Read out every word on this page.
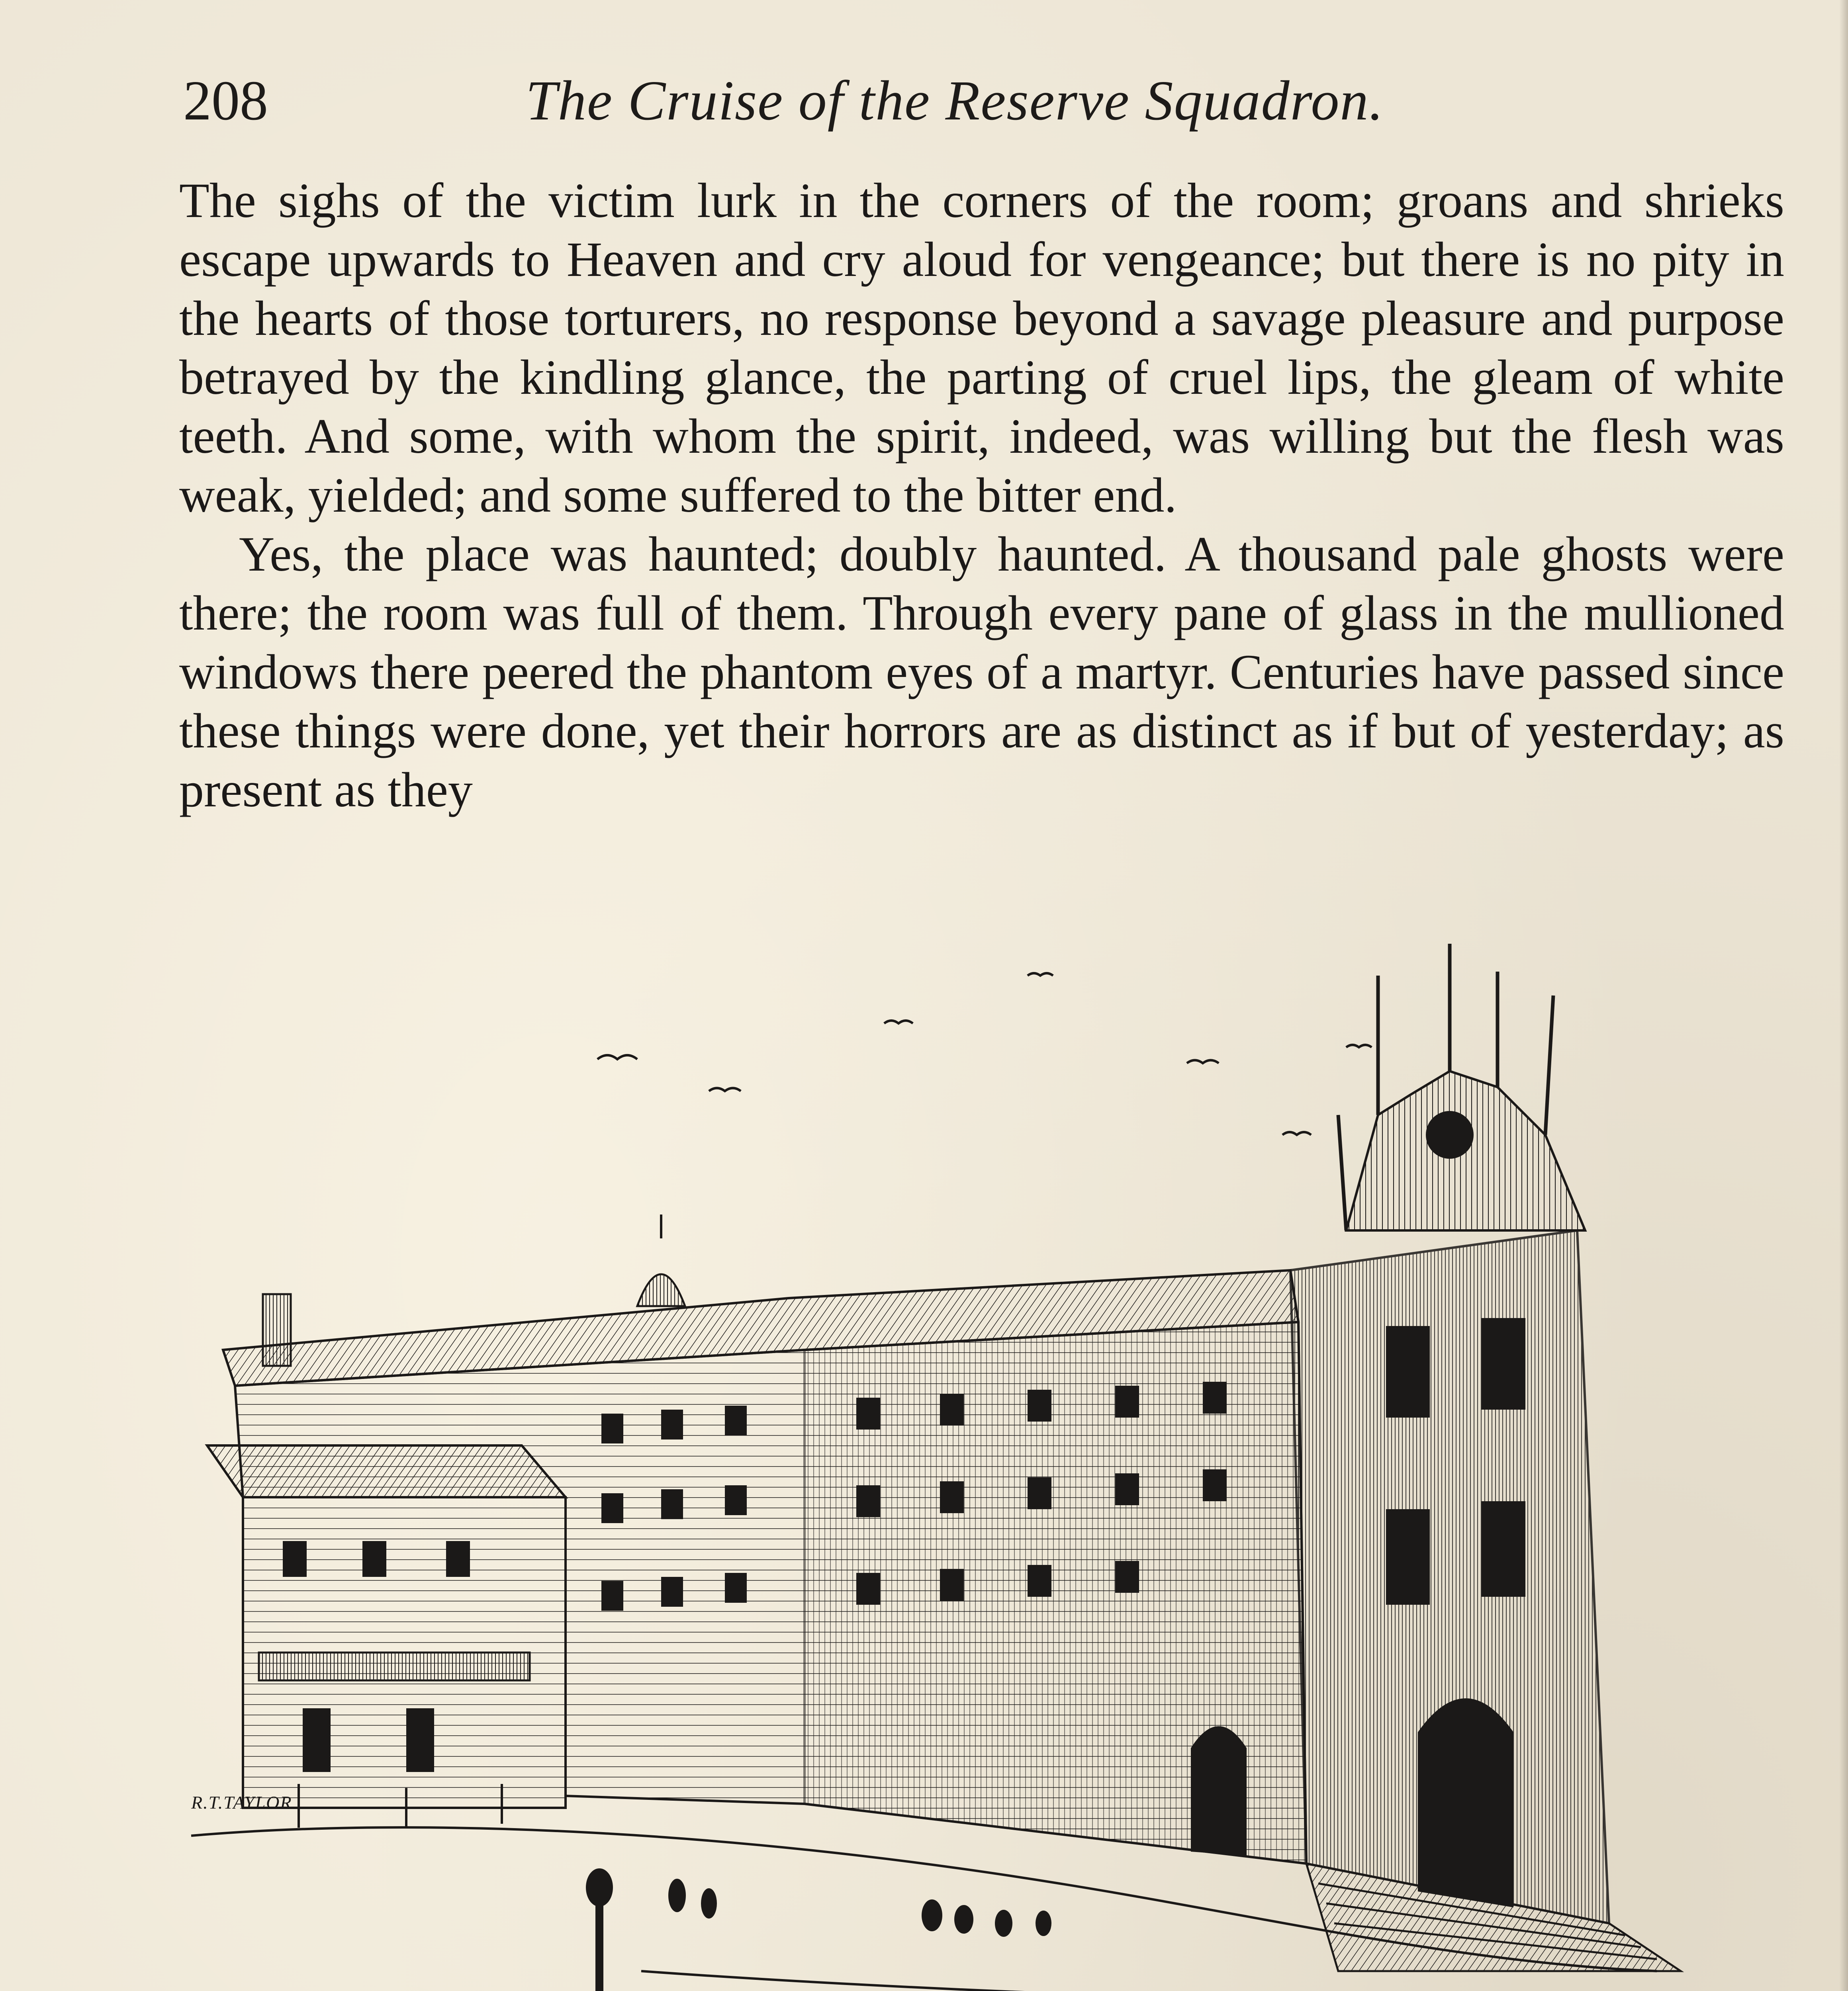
208	The Cruise of the Reserve Squadron.

The sighs of the victim lurk in the corners of the room; groans and shrieks escape upwards to Heaven and cry aloud for vengeance; but there is no pity in the hearts of those torturers, no response beyond a savage pleasure and purpose betrayed by the kindling glance, the parting of cruel lips, the gleam of white teeth. And some, with whom the spirit, indeed, was willing but the flesh was weak, yielded; and some suffered to the bitter end.

Yes, the place was haunted; doubly haunted. A thousand pale ghosts were there; the room was full of them. Through every pane of glass in the mullioned windows there peered the phantom eyes of a martyr. Centuries have passed since these things were done, yet their horrors are as distinct as if but of yesterday; as present as they

R.T.TAYLOR
